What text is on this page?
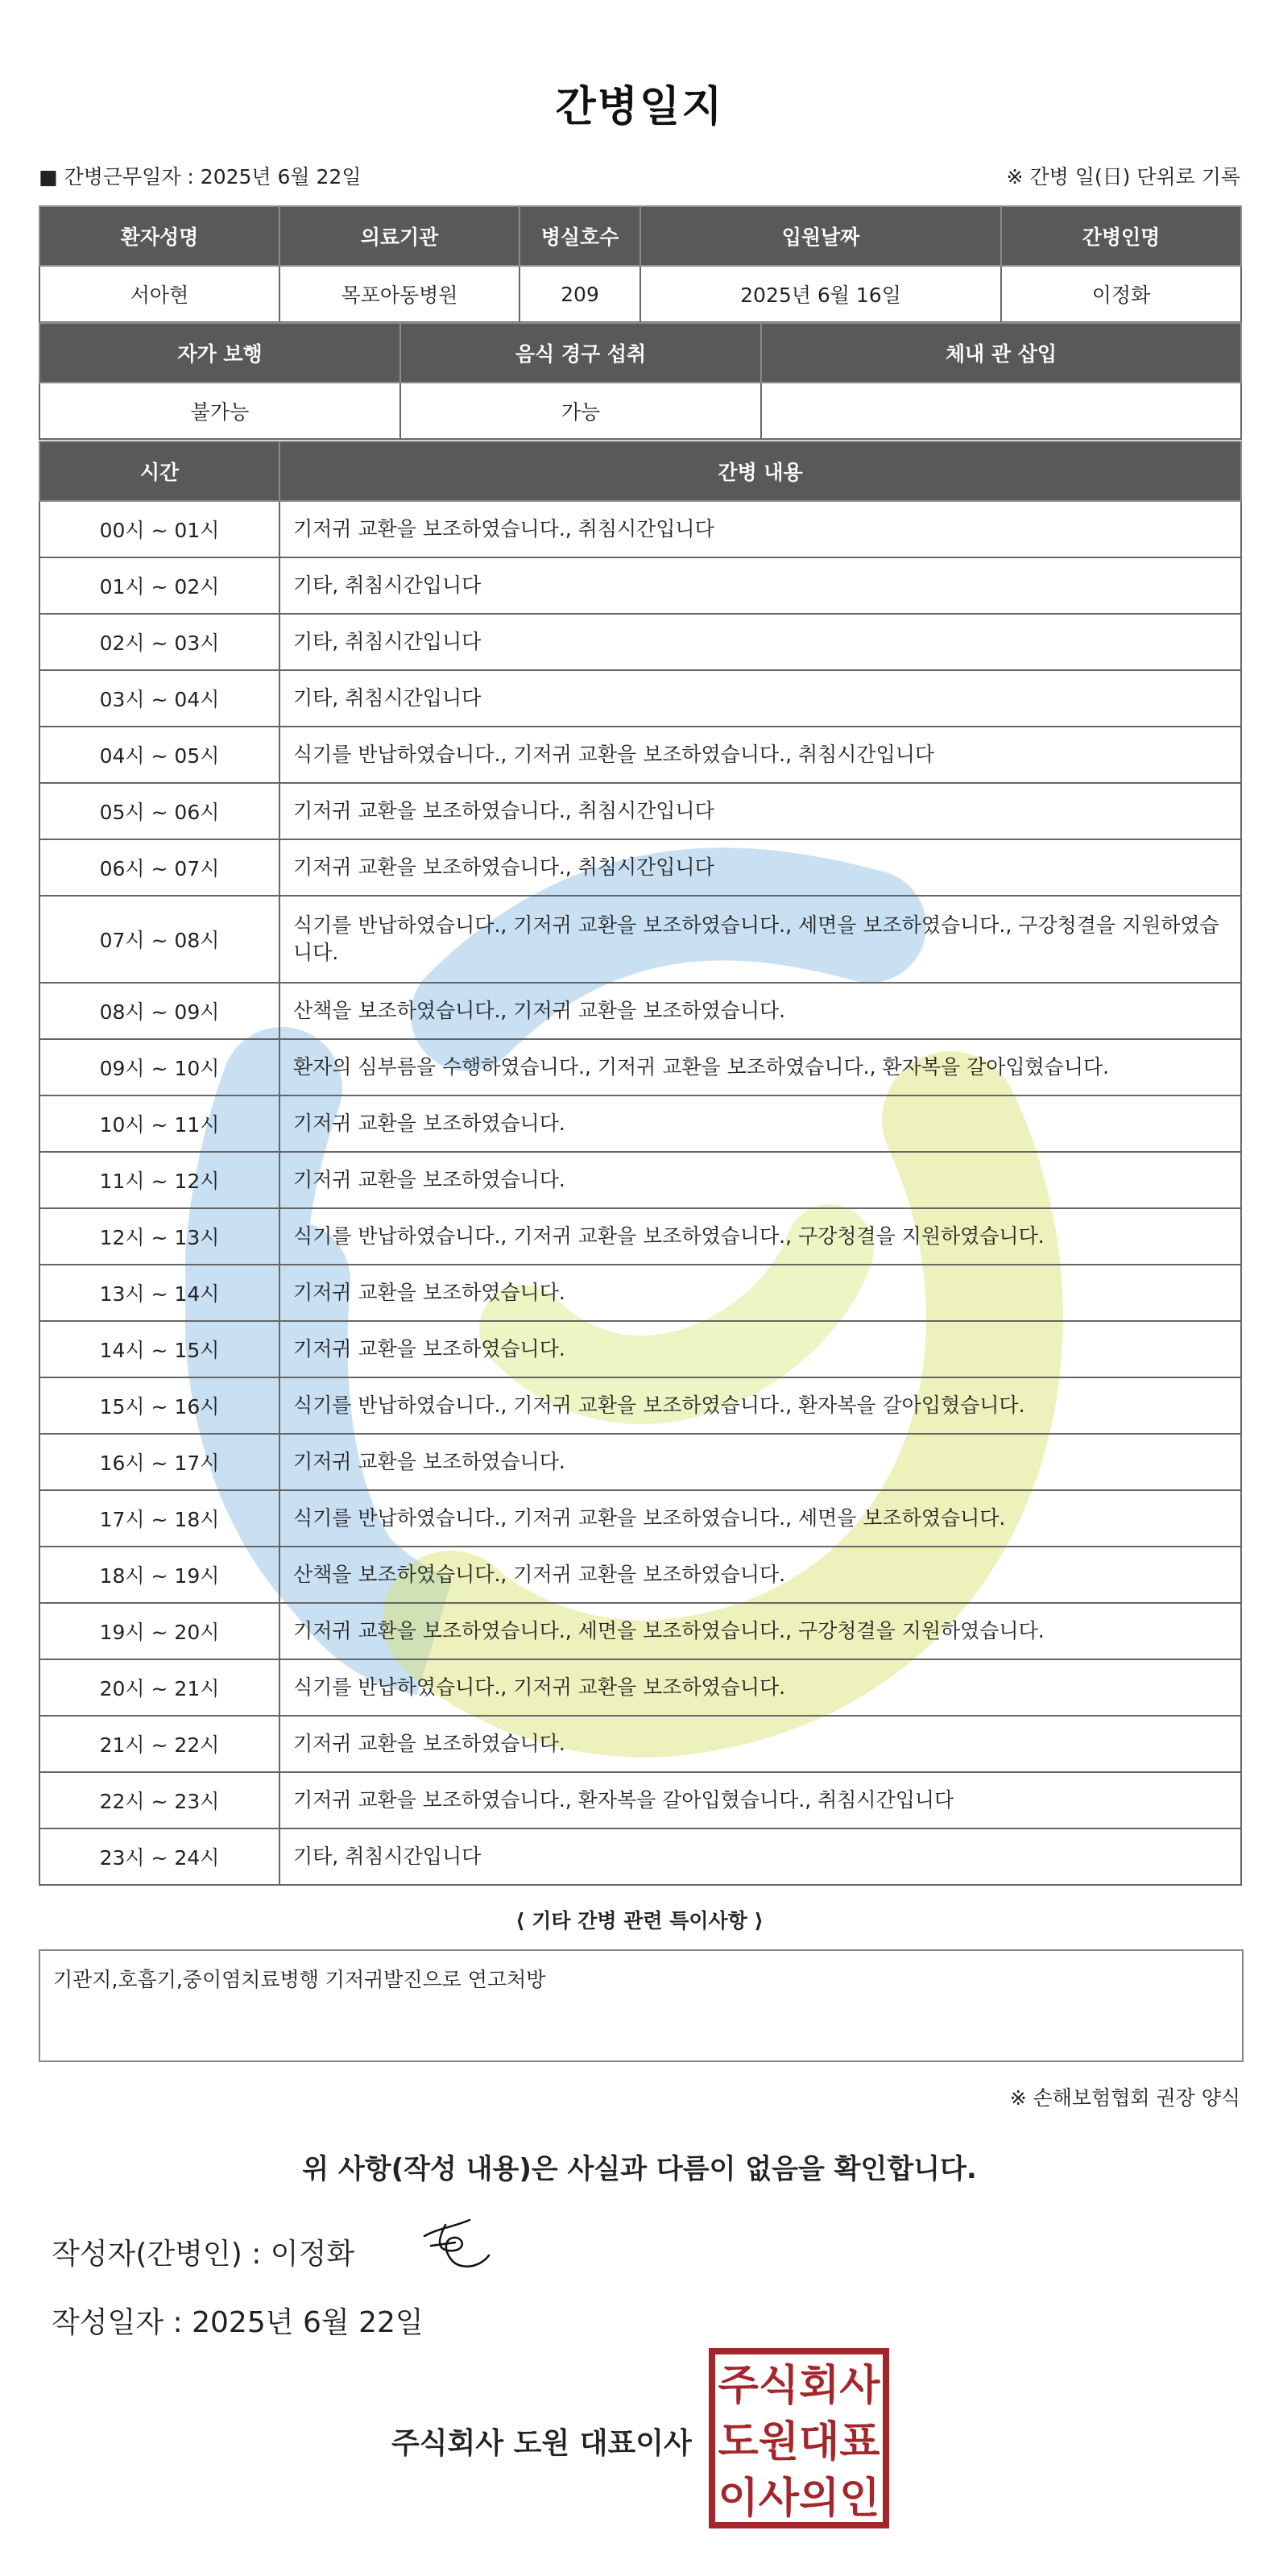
간병일지
■ 간병근무일자 : 2025년 6월 22일	※ 간병 일(日) 단위로 기록
환자성명	의료기관	병실호수	입원날짜	간병인명
서아현	목포아동병원	209	2025년 6월 16일	이정화
자가 보행	음식 경구 섭취	체내 관 삽입
불가능	가능	
시간	간병 내용
00시 ~ 01시	기저귀 교환을 보조하였습니다., 취침시간입니다
01시 ~ 02시	기타, 취침시간입니다
02시 ~ 03시	기타, 취침시간입니다
03시 ~ 04시	기타, 취침시간입니다
04시 ~ 05시	식기를 반납하였습니다., 기저귀 교환을 보조하였습니다., 취침시간입니다
05시 ~ 06시	기저귀 교환을 보조하였습니다., 취침시간입니다
06시 ~ 07시	기저귀 교환을 보조하였습니다., 취침시간입니다
07시 ~ 08시	식기를 반납하였습니다., 기저귀 교환을 보조하였습니다., 세면을 보조하였습니다., 구강청결을 지원하였습니다.
08시 ~ 09시	산책을 보조하였습니다., 기저귀 교환을 보조하였습니다.
09시 ~ 10시	환자의 심부름을 수행하였습니다., 기저귀 교환을 보조하였습니다., 환자복을 갈아입혔습니다.
10시 ~ 11시	기저귀 교환을 보조하였습니다.
11시 ~ 12시	기저귀 교환을 보조하였습니다.
12시 ~ 13시	식기를 반납하였습니다., 기저귀 교환을 보조하였습니다., 구강청결을 지원하였습니다.
13시 ~ 14시	기저귀 교환을 보조하였습니다.
14시 ~ 15시	기저귀 교환을 보조하였습니다.
15시 ~ 16시	식기를 반납하였습니다., 기저귀 교환을 보조하였습니다., 환자복을 갈아입혔습니다.
16시 ~ 17시	기저귀 교환을 보조하였습니다.
17시 ~ 18시	식기를 반납하였습니다., 기저귀 교환을 보조하였습니다., 세면을 보조하였습니다.
18시 ~ 19시	산책을 보조하였습니다., 기저귀 교환을 보조하였습니다.
19시 ~ 20시	기저귀 교환을 보조하였습니다., 세면을 보조하였습니다., 구강청결을 지원하였습니다.
20시 ~ 21시	식기를 반납하였습니다., 기저귀 교환을 보조하였습니다.
21시 ~ 22시	기저귀 교환을 보조하였습니다.
22시 ~ 23시	기저귀 교환을 보조하였습니다., 환자복을 갈아입혔습니다., 취침시간입니다
23시 ~ 24시	기타, 취침시간입니다
⟨ 기타 간병 관련 특이사항 ⟩
기관지,호흡기,중이염치료병행 기저귀발진으로 연고처방
※ 손해보험협회 권장 양식
위 사항(작성 내용)은 사실과 다름이 없음을 확인합니다.
작성자(간병인) : 이정화
작성일자 : 2025년 6월 22일
주식회사 도원 대표이사
주식회사
도원대표
이사의인
